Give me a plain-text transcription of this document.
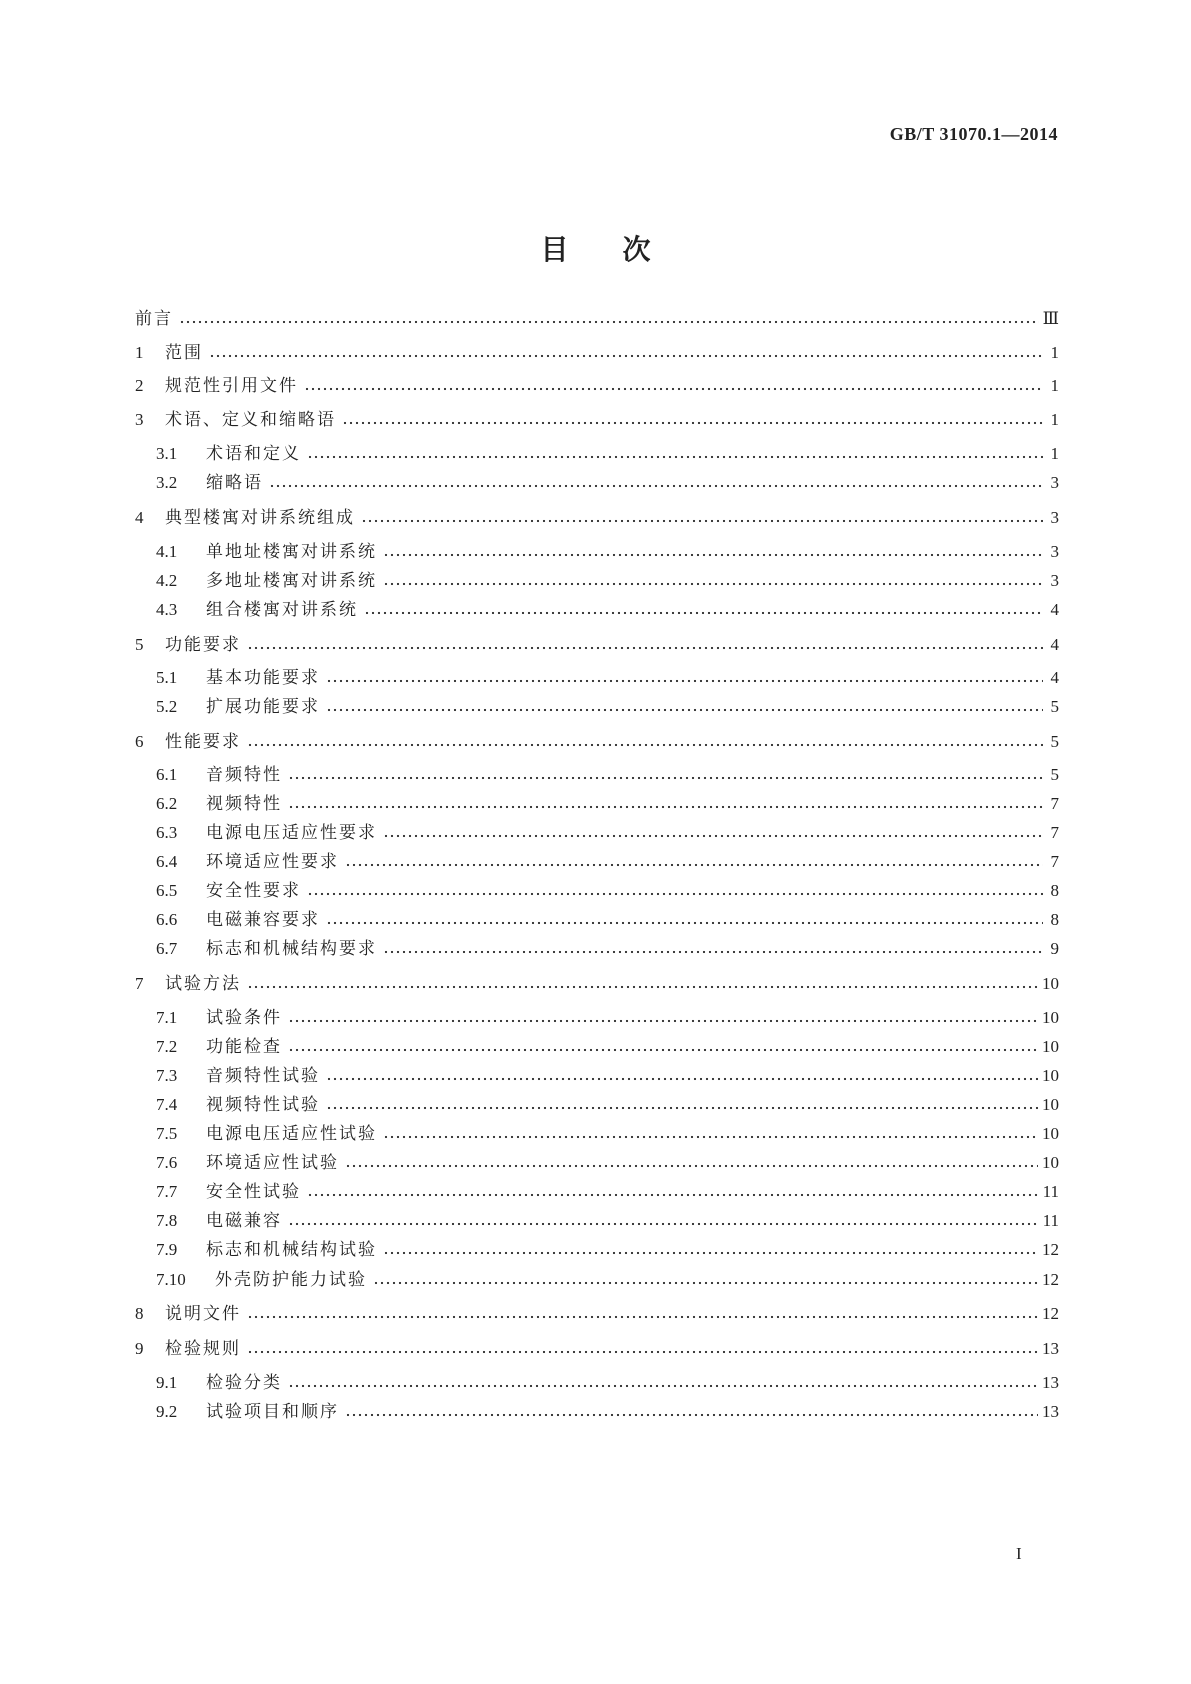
GB/T 31070.1—2014
目次
前言	Ⅲ
1	范围	1
2	规范性引用文件	1
3	术语、定义和缩略语	1
3.1	术语和定义	1
3.2	缩略语	3
4	典型楼寓对讲系统组成	3
4.1	单地址楼寓对讲系统	3
4.2	多地址楼寓对讲系统	3
4.3	组合楼寓对讲系统	4
5	功能要求	4
5.1	基本功能要求	4
5.2	扩展功能要求	5
6	性能要求	5
6.1	音频特性	5
6.2	视频特性	7
6.3	电源电压适应性要求	7
6.4	环境适应性要求	7
6.5	安全性要求	8
6.6	电磁兼容要求	8
6.7	标志和机械结构要求	9
7	试验方法	10
7.1	试验条件	10
7.2	功能检查	10
7.3	音频特性试验	10
7.4	视频特性试验	10
7.5	电源电压适应性试验	10
7.6	环境适应性试验	10
7.7	安全性试验	11
7.8	电磁兼容	11
7.9	标志和机械结构试验	12
7.10	外壳防护能力试验	12
8	说明文件	12
9	检验规则	13
9.1	检验分类	13
9.2	试验项目和顺序	13
I
